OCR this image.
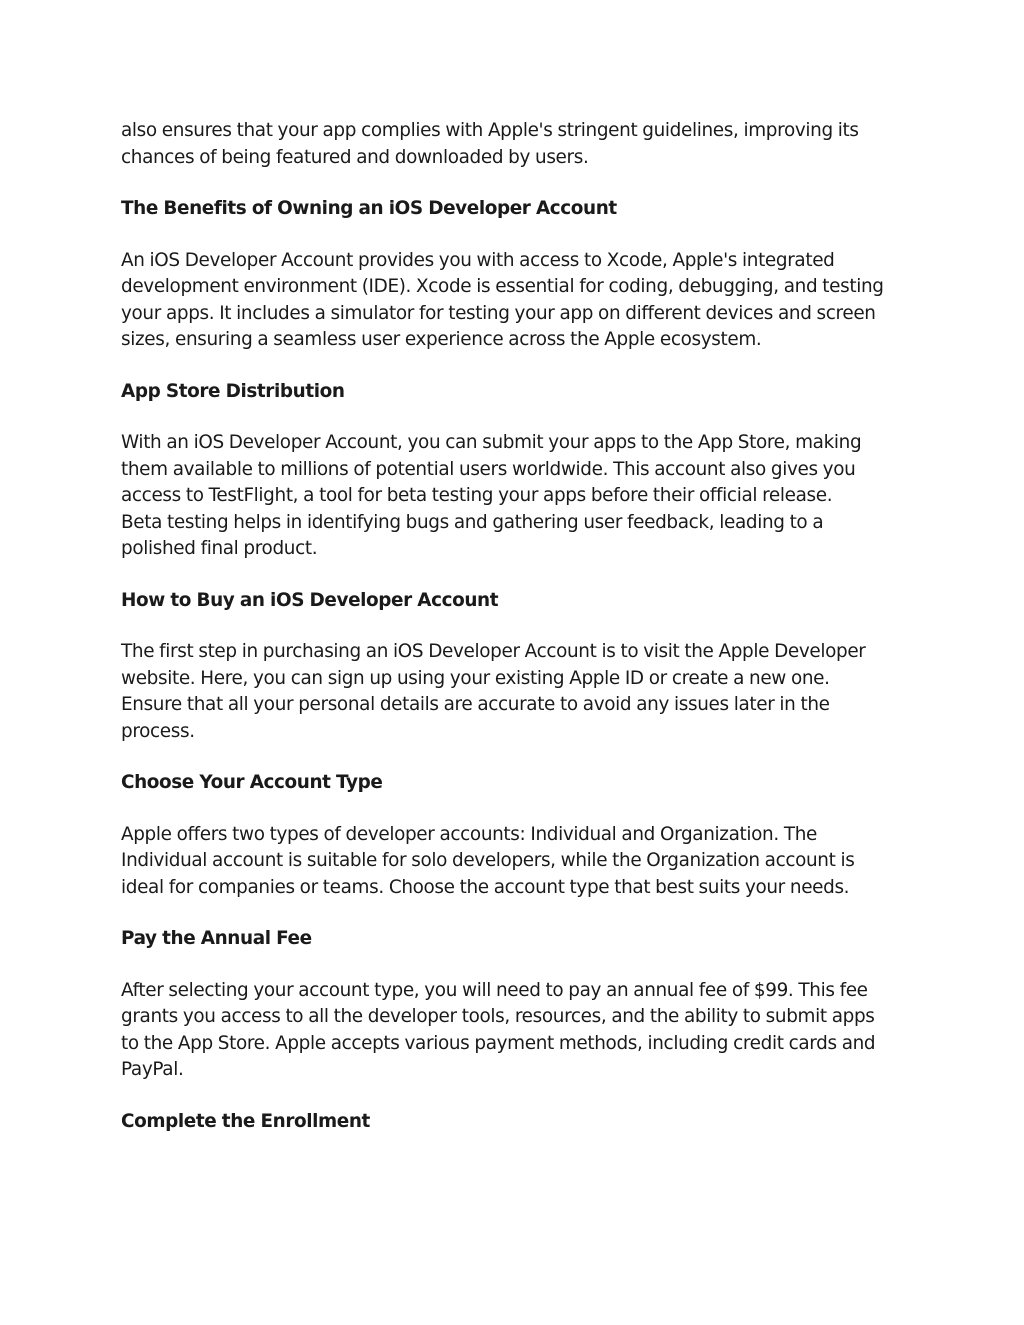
also ensures that your app complies with Apple's stringent guidelines, improving its
chances of being featured and downloaded by users.

The Benefits of Owning an iOS Developer Account

An iOS Developer Account provides you with access to Xcode, Apple's integrated
development environment (IDE). Xcode is essential for coding, debugging, and testing
your apps. It includes a simulator for testing your app on different devices and screen
sizes, ensuring a seamless user experience across the Apple ecosystem.

App Store Distribution

With an iOS Developer Account, you can submit your apps to the App Store, making
them available to millions of potential users worldwide. This account also gives you
access to TestFlight, a tool for beta testing your apps before their official release.
Beta testing helps in identifying bugs and gathering user feedback, leading to a
polished final product.

How to Buy an iOS Developer Account

The first step in purchasing an iOS Developer Account is to visit the Apple Developer
website. Here, you can sign up using your existing Apple ID or create a new one.
Ensure that all your personal details are accurate to avoid any issues later in the
process.

Choose Your Account Type

Apple offers two types of developer accounts: Individual and Organization. The
Individual account is suitable for solo developers, while the Organization account is
ideal for companies or teams. Choose the account type that best suits your needs.

Pay the Annual Fee

After selecting your account type, you will need to pay an annual fee of $99. This fee
grants you access to all the developer tools, resources, and the ability to submit apps
to the App Store. Apple accepts various payment methods, including credit cards and
PayPal.

Complete the Enrollment
